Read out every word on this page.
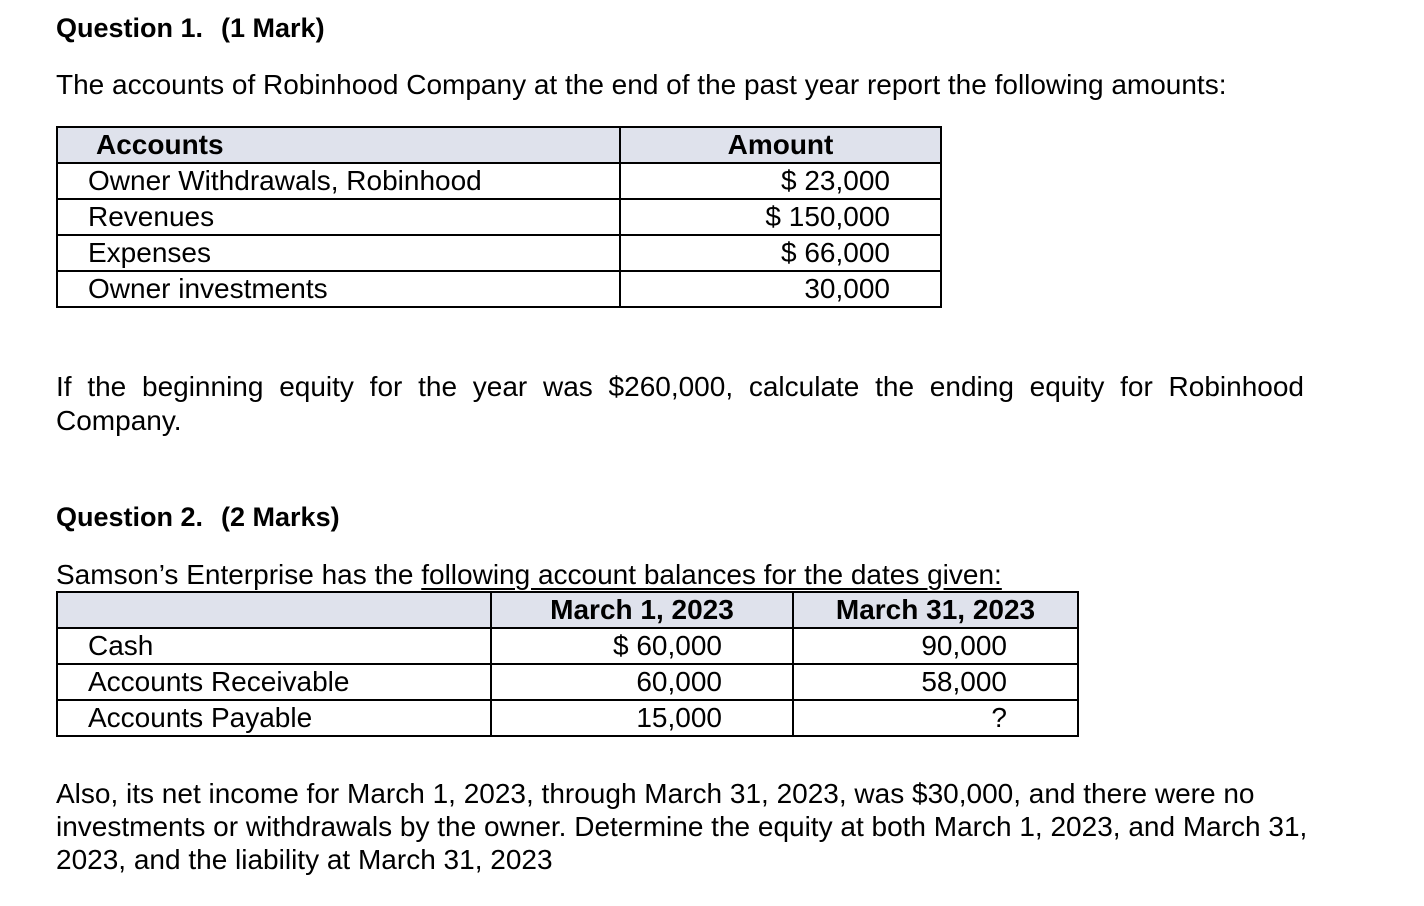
Question 1. (1 Mark)
The accounts of Robinhood Company at the end of the past year report the following amounts:
Accounts	Amount
Owner Withdrawals, Robinhood	$ 23,000
Revenues	$ 150,000
Expenses	$ 66,000
Owner investments	30,000
If the beginning equity for the year was $260,000, calculate the ending equity for Robinhood Company.
Question 2. (2 Marks)
Samson’s Enterprise has the following account balances for the dates given:
	March 1, 2023	March 31, 2023
Cash	$ 60,000	90,000
Accounts Receivable	60,000	58,000
Accounts Payable	15,000	?
Also, its net income for March 1, 2023, through March 31, 2023, was $30,000, and there were no investments or withdrawals by the owner. Determine the equity at both March 1, 2023, and March 31, 2023, and the liability at March 31, 2023
